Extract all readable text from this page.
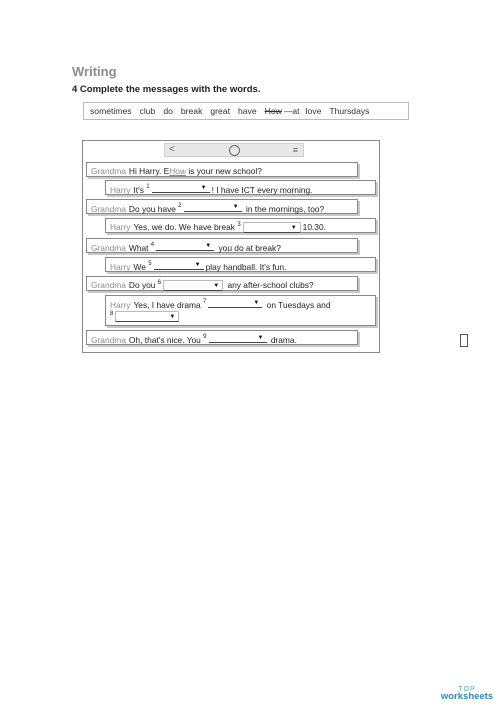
Writing
4 Complete the messages with the words.
sometimes club do break great have How — at love Thursdays
<	≡
Grandma Hi Harry. EHow is your new school?
Harry It's $^1$	▼ ! I have ICT every morning.
Grandma Do you have $^2$	▼ in the mornings, too?
Harry Yes, we do. We have break $^3$
▼ 10.30.
Grandma What $^4$	▼ you do at break?
Harry We $^5$	▼ play handball. It's fun.
Grandma Do you $^6$
▼ any after-school clubs?
Harry Yes, I have drama $^7$	▼ on Tuesdays and
$^8$
▼
Grandma Oh, that's nice. You $^9$	▼ drama.
TOP
worksheets
